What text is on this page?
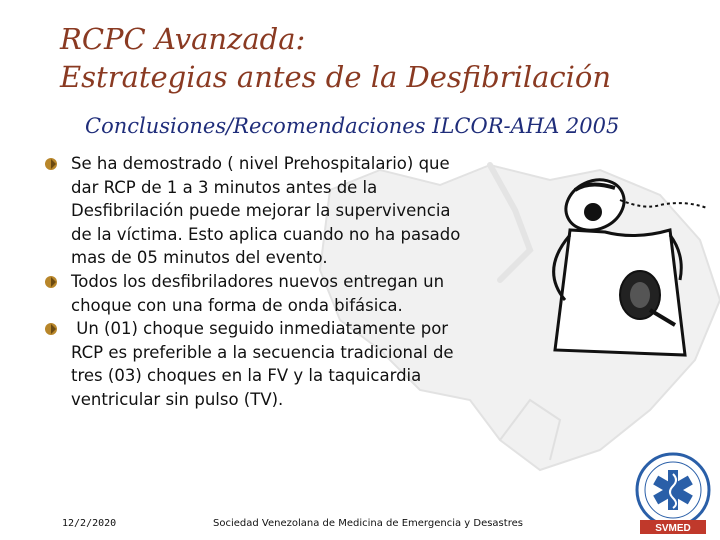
RCPC Avanzada:
Estrategias antes de la Desfibrilación
Conclusiones/Recomendaciones ILCOR-AHA 2005
Se ha demostrado ( nivel Prehospitalario) que
dar RCP de 1 a 3 minutos antes de la
Desfibrilación puede mejorar la supervivencia
de la víctima. Esto aplica cuando no ha pasado
mas de 05 minutos del evento.
Todos los desfibriladores nuevos entregan un
choque con una forma de onda bifásica.
Un (01) choque seguido inmediatamente por
RCP es preferible a la secuencia tradicional de
tres (03) choques en la FV y la taquicardia
ventricular sin pulso (TV).
SVMED
12/2/2020	Sociedad Venezolana de Medicina de Emergencia y Desastres
